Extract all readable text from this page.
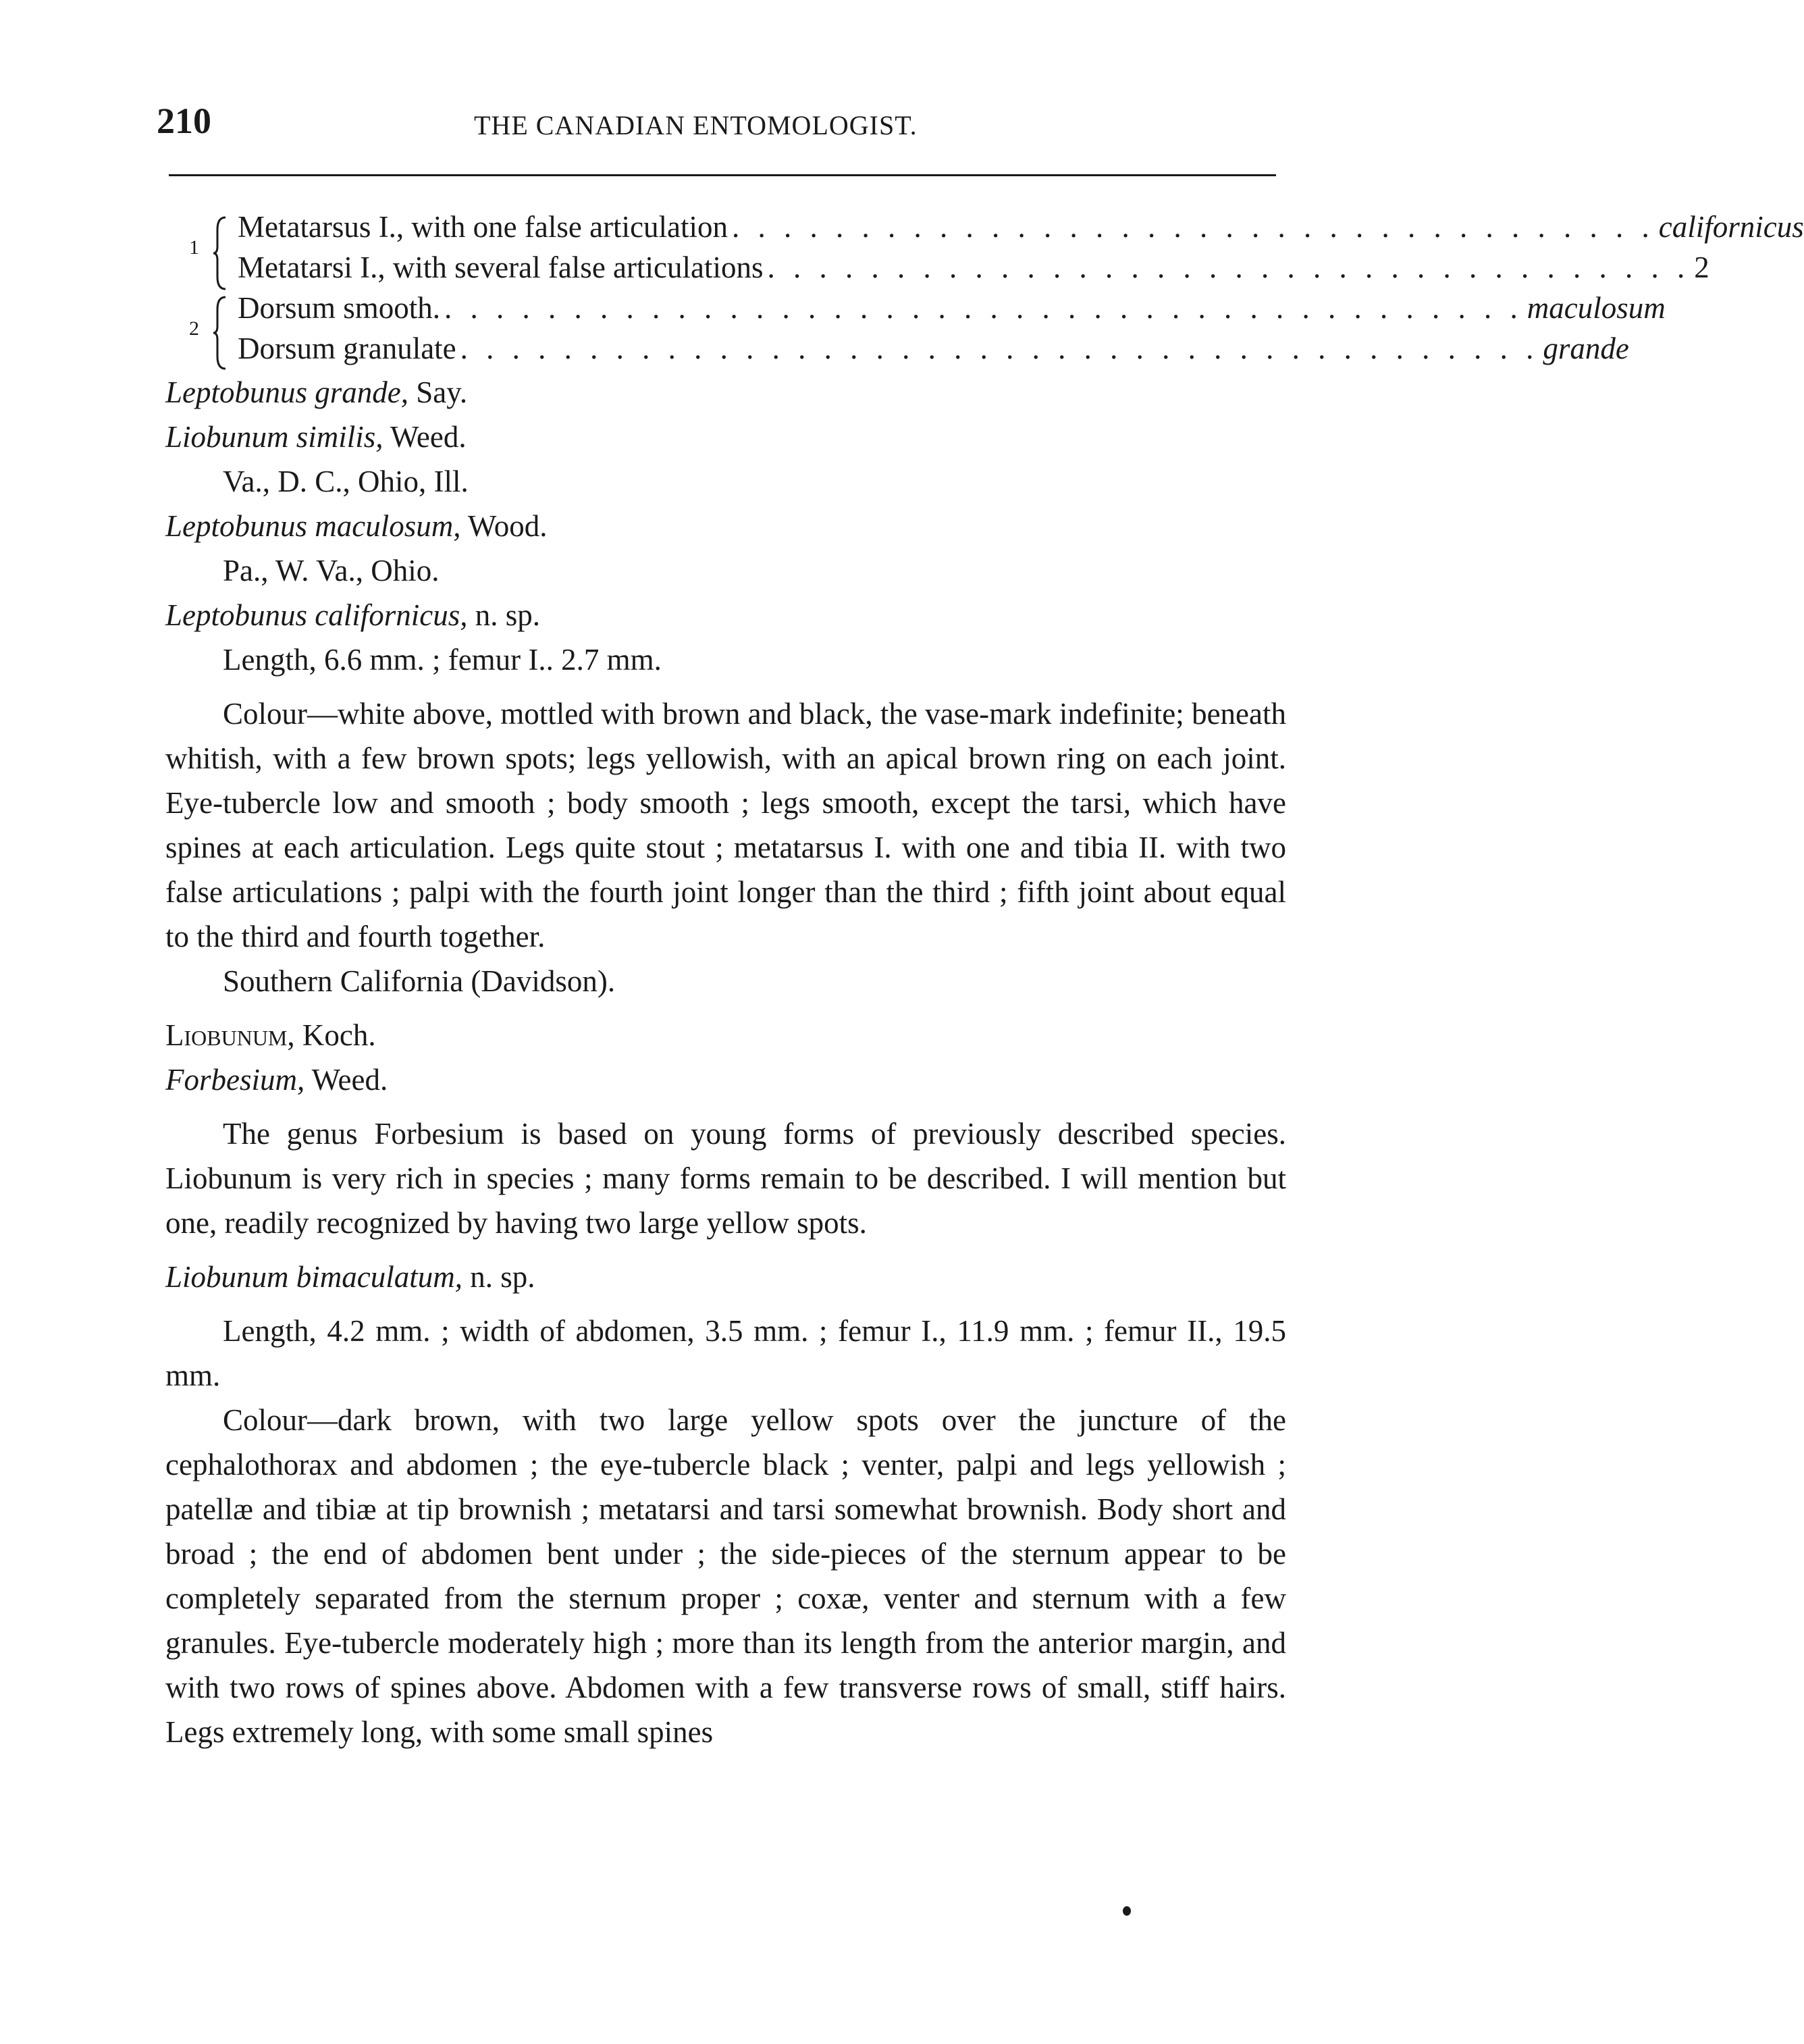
210	THE CANADIAN ENTOMOLOGIST.
1
Metatarsus I., with one false articulation . . . . . . . . . . . . . . . . . . . . . . . . . . . . . . . . . . . . californicus
Metatarsi I., with several false articulations . . . . . . . . . . . . . . . . . . . . . . . . . . . . . . . . . . . . 2
2
Dorsum smooth. . . . . . . . . . . . . . . . . . . . . . . . . . . . . . . . . . . . . . . . . . . maculosum
Dorsum granulate . . . . . . . . . . . . . . . . . . . . . . . . . . . . . . . . . . . . . . . . . . grande
Leptobunus grande, Say.
Liobunum similis, Weed.
Va., D. C., Ohio, Ill.
Leptobunus maculosum, Wood.
Pa., W. Va., Ohio.
Leptobunus californicus, n. sp.
Length, 6.6 mm. ; femur I.. 2.7 mm.

Colour—white above, mottled with brown and black, the vase-mark indefinite; beneath whitish, with a few brown spots; legs yellowish, with an apical brown ring on each joint. Eye-tubercle low and smooth ; body smooth ; legs smooth, except the tarsi, which have spines at each articulation. Legs quite stout ; metatarsus I. with one and tibia II. with two false articulations ; palpi with the fourth joint longer than the third ; fifth joint about equal to the third and fourth together.

Southern California (Davidson).
Liobunum, Koch.
Forbesium, Weed.

The genus Forbesium is based on young forms of previously described species. Liobunum is very rich in species ; many forms remain to be described. I will mention but one, readily recognized by having two large yellow spots.

Liobunum bimaculatum, n. sp.

Length, 4.2 mm. ; width of abdomen, 3.5 mm. ; femur I., 11.9 mm. ; femur II., 19.5 mm.

Colour—dark brown, with two large yellow spots over the juncture of the cephalothorax and abdomen ; the eye-tubercle black ; venter, palpi and legs yellowish ; patellæ and tibiæ at tip brownish ; metatarsi and tarsi somewhat brownish. Body short and broad ; the end of abdomen bent under ; the side-pieces of the sternum appear to be completely separated from the sternum proper ; coxæ, venter and sternum with a few granules. Eye-tubercle moderately high ; more than its length from the anterior margin, and with two rows of spines above. Abdomen with a few transverse rows of small, stiff hairs. Legs extremely long, with some small spines
